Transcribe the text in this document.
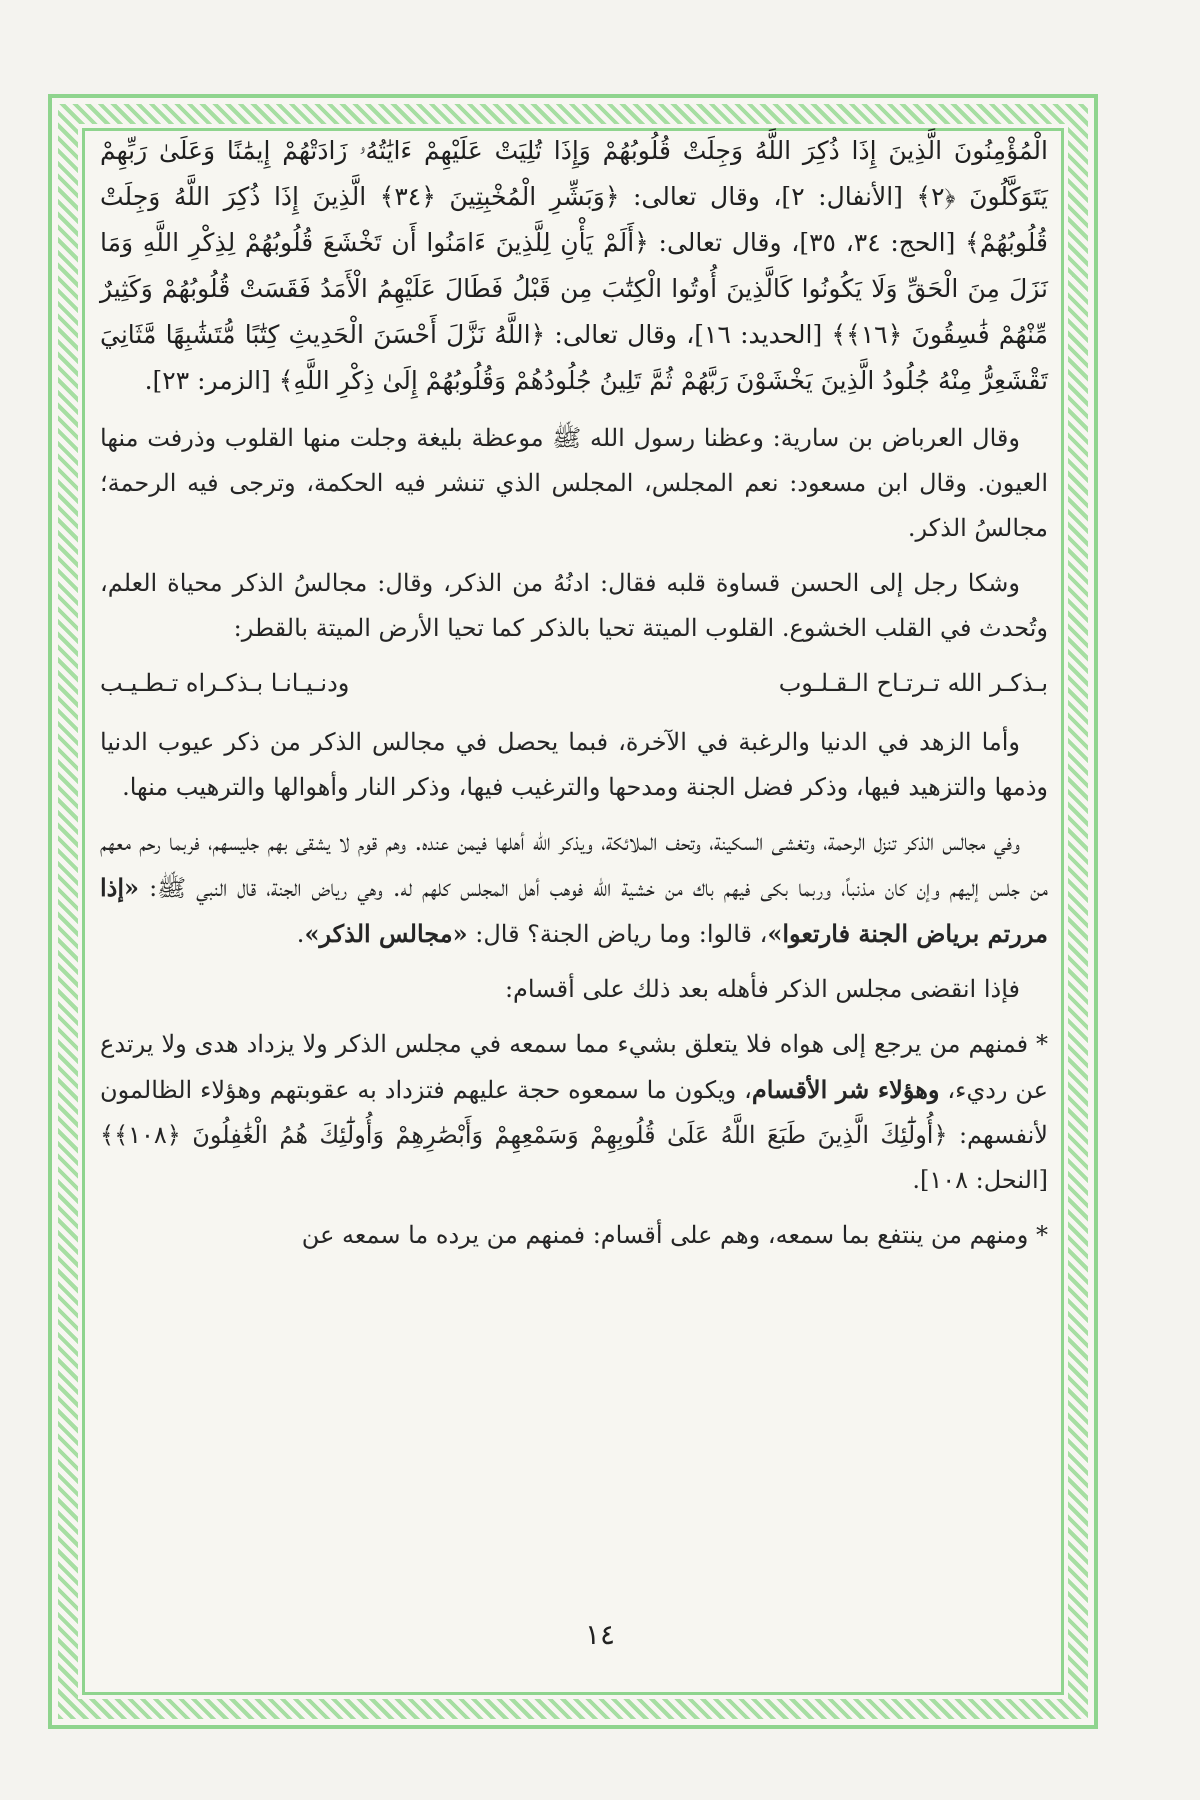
الْمُؤْمِنُونَ الَّذِينَ إِذَا ذُكِرَ اللَّهُ وَجِلَتْ قُلُوبُهُمْ وَإِذَا تُلِيَتْ عَلَيْهِمْ ءَايَٰتُهُۥ زَادَتْهُمْ إِيمَٰنًا وَعَلَىٰ رَبِّهِمْ يَتَوَكَّلُونَ ﴿٢﴾ [الأنفال: ٢]، وقال تعالى: ﴿وَبَشِّرِ الْمُخْبِتِينَ ﴿٣٤﴾ الَّذِينَ إِذَا ذُكِرَ اللَّهُ وَجِلَتْ قُلُوبُهُمْ﴾ [الحج: ٣٤، ٣٥]، وقال تعالى: ﴿أَلَمْ يَأْنِ لِلَّذِينَ ءَامَنُوا أَن تَخْشَعَ قُلُوبُهُمْ لِذِكْرِ اللَّهِ وَمَا نَزَلَ مِنَ الْحَقِّ وَلَا يَكُونُوا كَالَّذِينَ أُوتُوا الْكِتَٰبَ مِن قَبْلُ فَطَالَ عَلَيْهِمُ الْأَمَدُ فَقَسَتْ قُلُوبُهُمْ وَكَثِيرٌ مِّنْهُمْ فَٰسِقُونَ ﴿١٦﴾﴾ [الحديد: ١٦]، وقال تعالى: ﴿اللَّهُ نَزَّلَ أَحْسَنَ الْحَدِيثِ كِتَٰبًا مُّتَشَٰبِهًا مَّثَانِيَ تَقْشَعِرُّ مِنْهُ جُلُودُ الَّذِينَ يَخْشَوْنَ رَبَّهُمْ ثُمَّ تَلِينُ جُلُودُهُمْ وَقُلُوبُهُمْ إِلَىٰ ذِكْرِ اللَّهِ﴾ [الزمر: ٢٣].

وقال العرباض بن سارية: وعظنا رسول الله ﷺ موعظة بليغة وجلت منها القلوب وذرفت منها العيون. وقال ابن مسعود: نعم المجلس، المجلس الذي تنشر فيه الحكمة، وترجى فيه الرحمة؛ مجالسُ الذكر.

وشكا رجل إلى الحسن قساوة قلبه فقال: ادنُهُ من الذكر، وقال: مجالسُ الذكر محياة العلم، وتُحدث في القلب الخشوع. القلوب الميتة تحيا بالذكر كما تحيا الأرض الميتة بالقطر:

بـذكـر الله تـرتـاح الـقـلـوب
ودنـيـانـا بـذكـراه تـطـيـب

وأما الزهد في الدنيا والرغبة في الآخرة، فبما يحصل في مجالس الذكر من ذكر عيوب الدنيا وذمها والتزهيد فيها، وذكر فضل الجنة ومدحها والترغيب فيها، وذكر النار وأهوالها والترهيب منها.

وفي مجالس الذكر تنزل الرحمة، وتغشى السكينة، وتحف الملائكة، ويذكر الله أهلها فيمن عنده. وهم قوم لا يشقى بهم جليسهم، فربما رحم معهم من جلس إليهم وإن كان مذنباً، وربما بكى فيهم باك من خشية الله فوهب أهل المجلس كلهم له. وهي رياض الجنة، قال النبي ﷺ: «إذا مررتم برياض الجنة فارتعوا»، قالوا: وما رياض الجنة؟ قال: «مجالس الذكر».

فإذا انقضى مجلس الذكر فأهله بعد ذلك على أقسام:

* فمنهم من يرجع إلى هواه فلا يتعلق بشيء مما سمعه في مجلس الذكر ولا يزداد هدى ولا يرتدع عن رديء، وهؤلاء شر الأقسام، ويكون ما سمعوه حجة عليهم فتزداد به عقوبتهم وهؤلاء الظالمون لأنفسهم: ﴿أُولَٰٓئِكَ الَّذِينَ طَبَعَ اللَّهُ عَلَىٰ قُلُوبِهِمْ وَسَمْعِهِمْ وَأَبْصَٰرِهِمْ وَأُولَٰٓئِكَ هُمُ الْغَٰفِلُونَ ﴿١٠٨﴾﴾ [النحل: ١٠٨].

* ومنهم من ينتفع بما سمعه، وهم على أقسام: فمنهم من يرده ما سمعه عن

١٤
